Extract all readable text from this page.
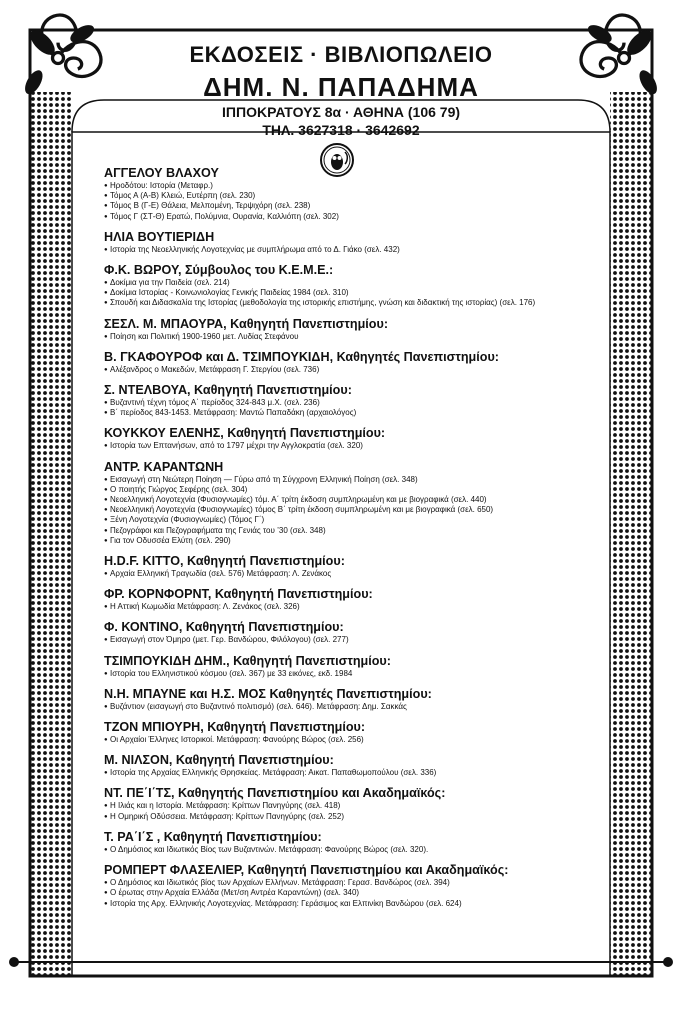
ΕΚΔΟΣΕΙΣ · ΒΙΒΛΙΟΠΩΛΕΙΟ
ΔΗΜ. Ν. ΠΑΠΑΔΗΜΑ
ΙΠΠΟΚΡΑΤΟΥΣ 8α · ΑΘΗΝΑ (106 79)
ΤΗΛ. 3627318 · 3642692
ΑΓΓΕΛΟΥ ΒΛΑΧΟΥ
● Ηροδότου: Ιστορία (Μεταφρ.)
● Τόμος Α (Α-Β) Κλειώ, Ευτέρπη (σελ. 230)
● Τόμος Β (Γ-Ε) Θάλεια, Μελπομένη, Τερψιχόρη (σελ. 238)
● Τόμος Γ (ΣΤ-Θ) Ερατώ, Πολύμνια, Ουρανία, Καλλιόπη (σελ. 302)
ΗΛΙΑ ΒΟΥΤΙΕΡΙΔΗ
● Ιστορία της Νεοελληνικής Λογοτεχνίας με συμπλήρωμα από το Δ. Γιάκο (σελ. 432)
Φ.Κ. ΒΩΡΟΥ, Σύμβουλος του Κ.Ε.Μ.Ε.:
● Δοκίμια για την Παιδεία (σελ. 214)
● Δοκίμια Ιστορίας - Κοινωνιολογίας Γενικής Παιδείας 1984 (σελ. 310)
● Σπουδή και Διδασκαλία της Ιστορίας (μεθοδολογία της ιστορικής επιστήμης, γνώση και διδακτική της ιστορίας) (σελ. 176)
ΣΕΣΛ. Μ. ΜΠΑΟΥΡΑ, Καθηγητή Πανεπιστημίου:
● Ποίηση και Πολιτική 1900-1960 μετ. Λυδίας Στεφάνου
Β. ΓΚΑΦΟΥΡΟΦ και Δ. ΤΣΙΜΠΟΥΚΙΔΗ, Καθηγητές Πανεπιστημίου:
● Αλέξανδρος ο Μακεδών, Μετάφραση Γ. Στεργίου (σελ. 736)
Σ. ΝΤΕΛΒΟΥΑ, Καθηγητή Πανεπιστημίου:
● Βυζαντινή τέχνη τόμος Α΄ περίοδος 324-843 μ.Χ. (σελ. 236)
● Β΄ περίοδος 843-1453. Μετάφραση: Μαντώ Παπαδάκη (αρχαιολόγος)
ΚΟΥΚΚΟΥ ΕΛΕΝΗΣ, Καθηγητή Πανεπιστημίου:
● Ιστορία των Επτανήσων, από το 1797 μέχρι την Αγγλοκρατία (σελ. 320)
ΑΝΤΡ. ΚΑΡΑΝΤΩΝΗ
● Εισαγωγή στη Νεώτερη Ποίηση — Γύρω από τη Σύγχρονη Ελληνική Ποίηση (σελ. 348)
● Ο ποιητής Γιώργος Σεφέρης (σελ. 304)
● Νεοελληνική Λογοτεχνία (Φυσιογνωμίες) τόμ. Α΄ τρίτη έκδοση συμπληρωμένη και με βιογραφικά (σελ. 440)
● Νεοελληνική Λογοτεχνία (Φυσιογνωμίες) τόμος Β΄ τρίτη έκδοση συμπληρωμένη και με βιογραφικά (σελ. 650)
● Ξένη Λογοτεχνία (Φυσιογνωμίες) (Τόμος Γ΄)
● Πεζογράφοι και Πεζογραφήματα της Γενιάς του ’30 (σελ. 348)
● Για τον Οδυσσέα Ελύτη (σελ. 290)
H.D.F. KITTO, Καθηγητή Πανεπιστημίου:
● Αρχαία Ελληνική Τραγωδία (σελ. 576) Μετάφραση: Λ. Ζενάκος
ΦΡ. ΚΟΡΝΦΟΡΝΤ, Καθηγητή Πανεπιστημίου:
● Η Αττική Κωμωδία Μετάφραση: Λ. Ζενάκος (σελ. 326)
Φ. ΚΟΝΤΙΝΟ, Καθηγητή Πανεπιστημίου:
● Εισαγωγή στον Όμηρο (μετ. Γερ. Βανδώρου, Φιλόλογου) (σελ. 277)
ΤΣΙΜΠΟΥΚΙΔΗ ΔΗΜ., Καθηγητή Πανεπιστημίου:
● Ιστορία του Ελληνιστικού κόσμου (σελ. 367) με 33 εικόνες, εκδ. 1984
N.H. ΜΠΑΥΝΕ και Η.Σ. ΜΟΣ Καθηγητές Πανεπιστημίου:
● Βυζάντιον (εισαγωγή στο Βυζαντινό πολιτισμό) (σελ. 646). Μετάφραση: Δημ. Σακκάς
ΤΖΟΝ ΜΠΙΟΥΡΗ, Καθηγητή Πανεπιστημίου:
● Οι Αρχαίοι Έλληνες Ιστορικοί. Μετάφραση: Φανούρης Βώρος (σελ. 256)
Μ. ΝΙΛΣΟΝ, Καθηγητή Πανεπιστημίου:
● Ιστορία της Αρχαίας Ελληνικής Θρησκείας. Μετάφραση: Αικατ. Παπαθωμοπούλου (σελ. 336)
ΝΤ. ΠΕ΄Ι΄ΤΣ, Καθηγητής Πανεπιστημίου και Ακαδημαϊκός:
● Η Ιλιάς και η Ιστορία. Μετάφραση: Κρίττων Πανηγύρης (σελ. 418)
● Η Ομηρική Οδύσσεια. Μετάφραση: Κρίττων Πανηγύρης (σελ. 252)
Τ. ΡΑ΄Ι΄Σ , Καθηγητή Πανεπιστημίου:
● Ο Δημόσιος και Ιδιωτικός Βίος των Βυζαντινών. Μετάφραση: Φανούρης Βώρος (σελ. 320).
ΡΟΜΠΕΡΤ ΦΛΑΣΕΛΙΕΡ, Καθηγητή Πανεπιστημίου και Ακαδημαϊκός:
● Ο Δημόσιος και Ιδιωτικός βίος των Αρχαίων Ελλήνων. Μετάφραση: Γερασ. Βανδώρος (σελ. 394)
● Ο έρωτας στην Αρχαία Ελλάδα (Μετ/ση Αντρέα Καραντώνη) (σελ. 340)
● Ιστορία της Αρχ. Ελληνικής Λογοτεχνίας. Μετάφραση: Γεράσιμος και Ελπινίκη Βανδώρου (σελ. 624)
